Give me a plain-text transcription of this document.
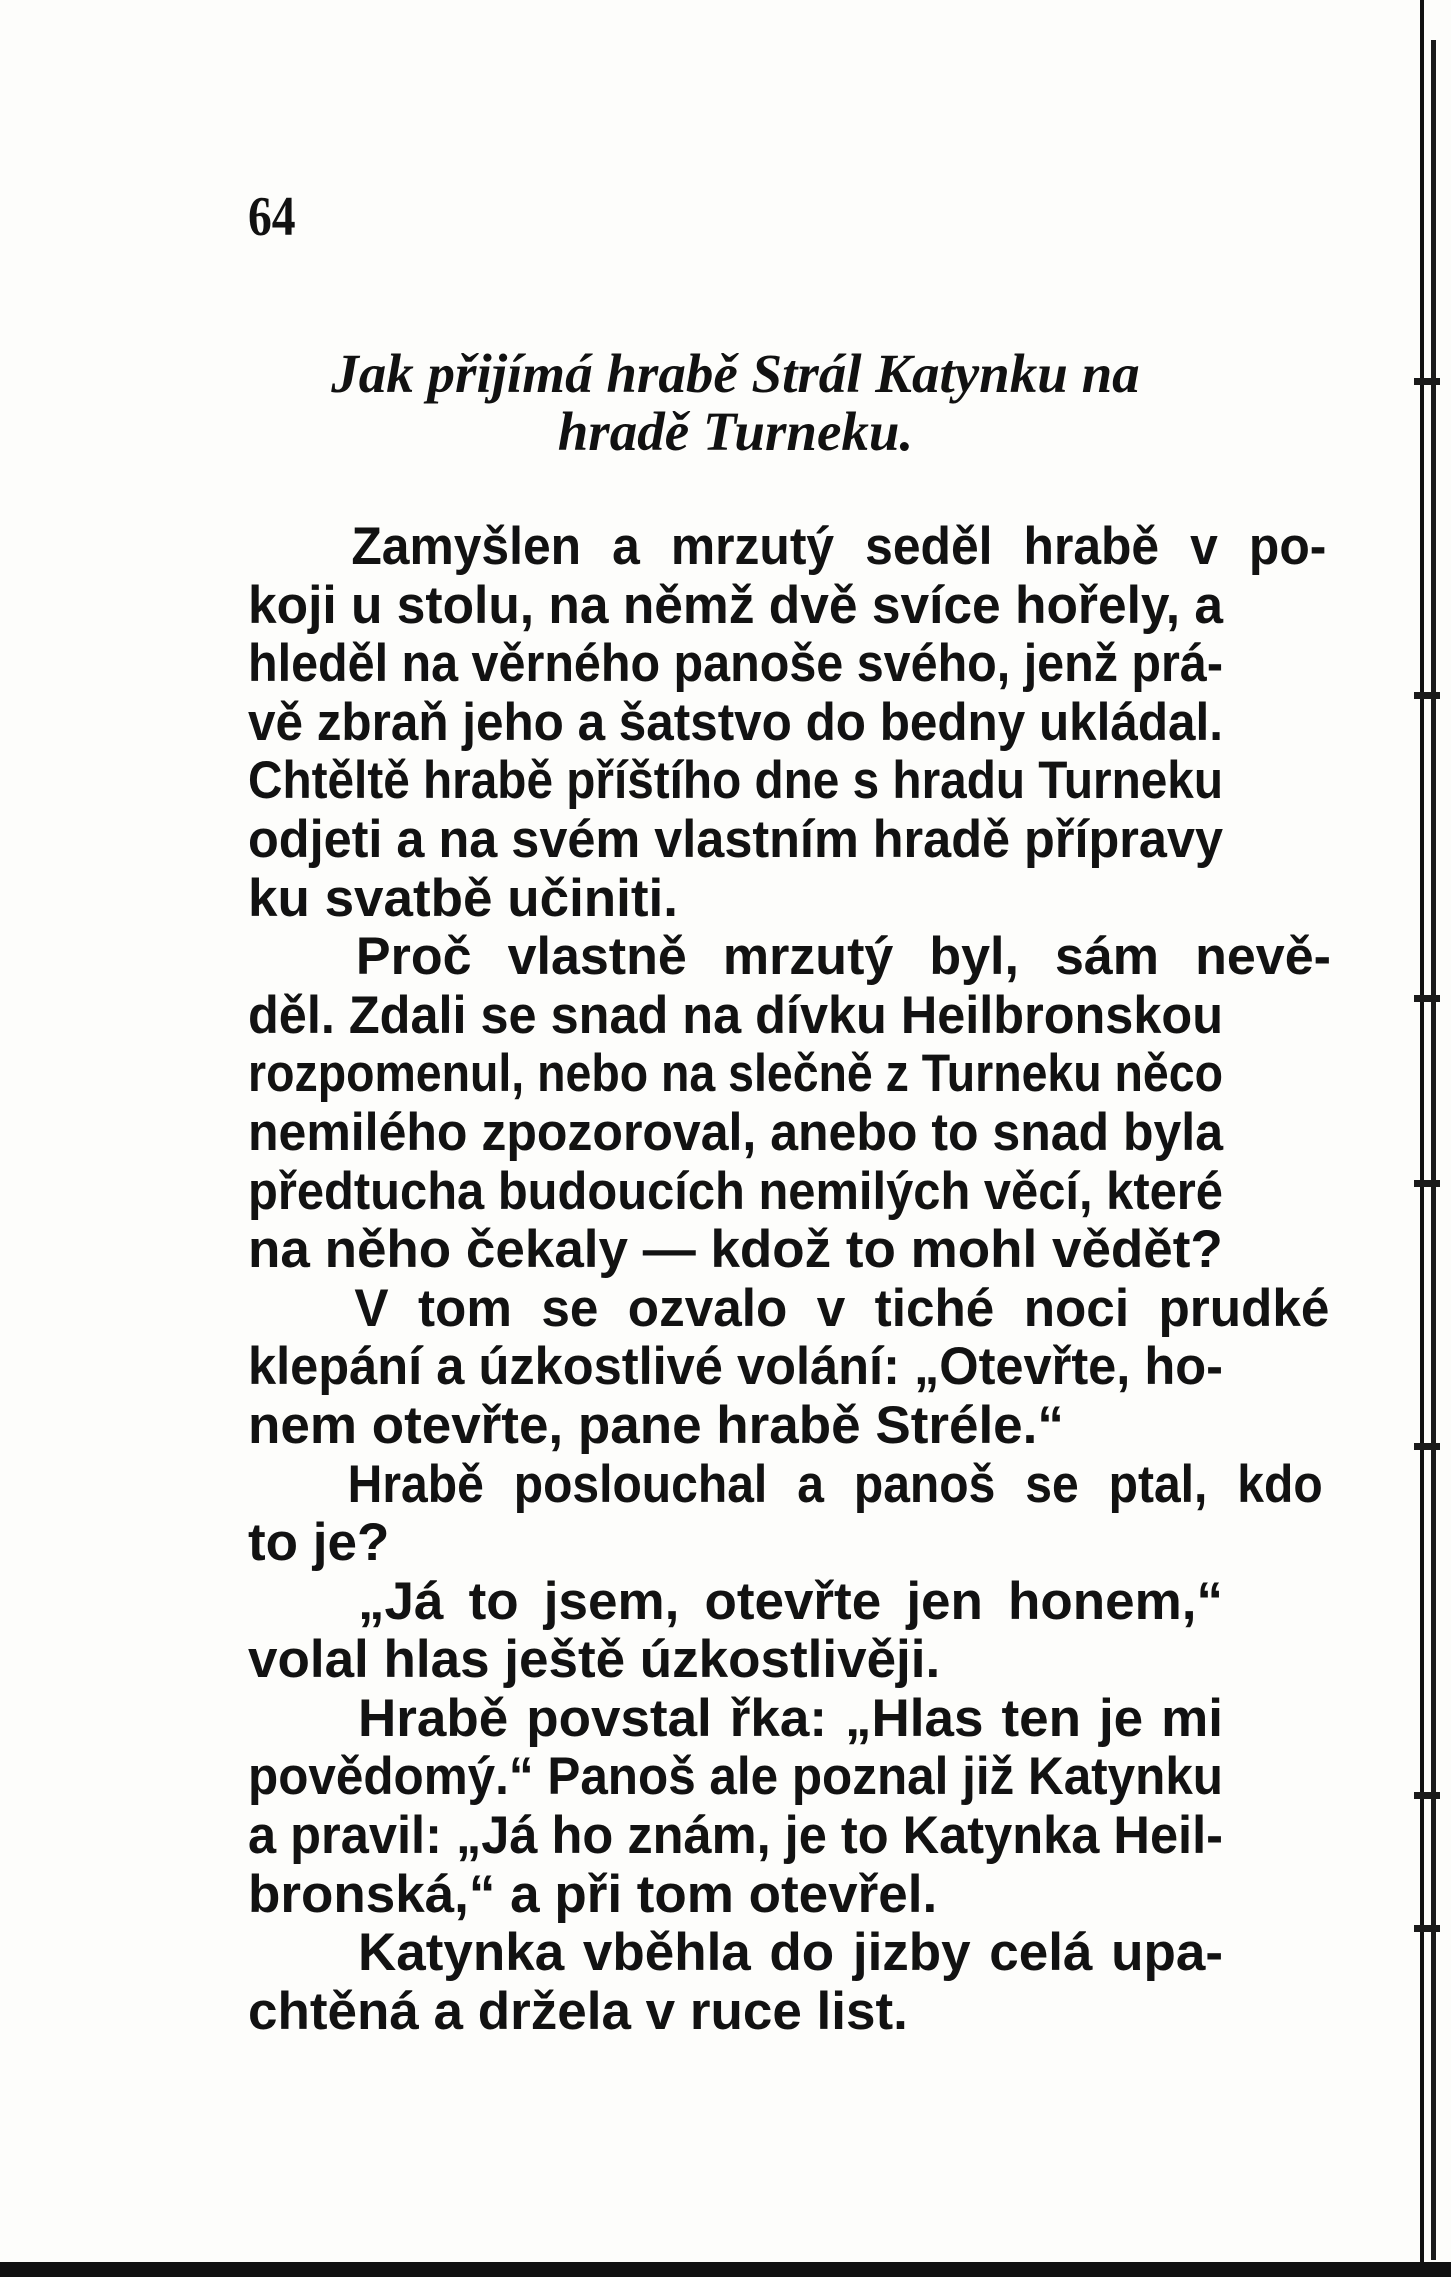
64
Jak přijímá hrabě Strál Katynku na
hradě Turneku.
Zamyšlen a mrzutý seděl hrabě v po-
koji u stolu, na němž dvě svíce hořely, a
hleděl na věrného panoše svého, jenž prá-
vě zbraň jeho a šatstvo do bedny ukládal.
Chtěltě hrabě příštího dne s hradu Turneku
odjeti a na svém vlastním hradě přípravy
ku svatbě učiniti.
Proč vlastně mrzutý byl, sám nevě-
děl. Zdali se snad na dívku Heilbronskou
rozpomenul, nebo na slečně z Turneku něco
nemilého zpozoroval, anebo to snad byla
předtucha budoucích nemilých věcí, které
na něho čekaly — kdož to mohl vědět?
V tom se ozvalo v tiché noci prudké
klepání a úzkostlivé volání: „Otevřte, ho-
nem otevřte, pane hrabě Stréle.“
Hrabě poslouchal a panoš se ptal, kdo
to je?
„Já to jsem, otevřte jen honem,“
volal hlas ještě úzkostlivěji.
Hrabě povstal řka: „Hlas ten je mi
povědomý.“ Panoš ale poznal již Katynku
a pravil: „Já ho znám, je to Katynka Heil-
bronská,“ a při tom otevřel.
Katynka vběhla do jizby celá upa-
chtěná a držela v ruce list.
